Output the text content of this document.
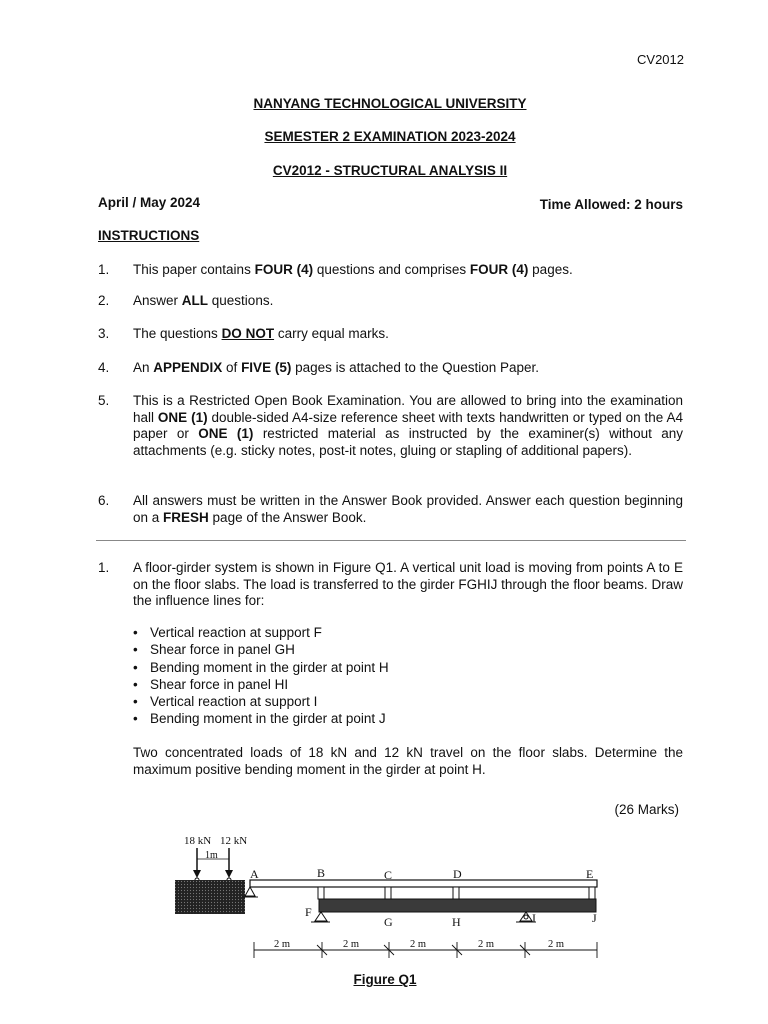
CV2012
NANYANG TECHNOLOGICAL UNIVERSITY
SEMESTER 2 EXAMINATION 2023-2024
CV2012 - STRUCTURAL ANALYSIS II
April / May 2024	Time Allowed: 2 hours
INSTRUCTIONS
1.	This paper contains FOUR (4) questions and comprises FOUR (4) pages.
2.	Answer ALL questions.
3.	The questions DO NOT carry equal marks.
4.	An APPENDIX of FIVE (5) pages is attached to the Question Paper.
5.	This is a Restricted Open Book Examination. You are allowed to bring into the examination hall ONE (1) double-sided A4-size reference sheet with texts handwritten or typed on the A4 paper or ONE (1) restricted material as instructed by the examiner(s) without any attachments (e.g. sticky notes, post-it notes, gluing or stapling of additional papers).
6.	All answers must be written in the Answer Book provided. Answer each question beginning on a FRESH page of the Answer Book.
1.	A floor-girder system is shown in Figure Q1. A vertical unit load is moving from points A to E on the floor slabs. The load is transferred to the girder FGHIJ through the floor beams. Draw the influence lines for:
• Vertical reaction at support F
• Shear force in panel GH
• Bending moment in the girder at point H
• Shear force in panel HI
• Vertical reaction at support I
• Bending moment in the girder at point J
Two concentrated loads of 18 kN and 12 kN travel on the floor slabs. Determine the maximum positive bending moment in the girder at point H.
(26 Marks)
18 kN 12 kN
1m
A	B	C	D	E
F
G	H	I	J
2 m	2 m	2 m	2 m	2 m
Figure Q1
